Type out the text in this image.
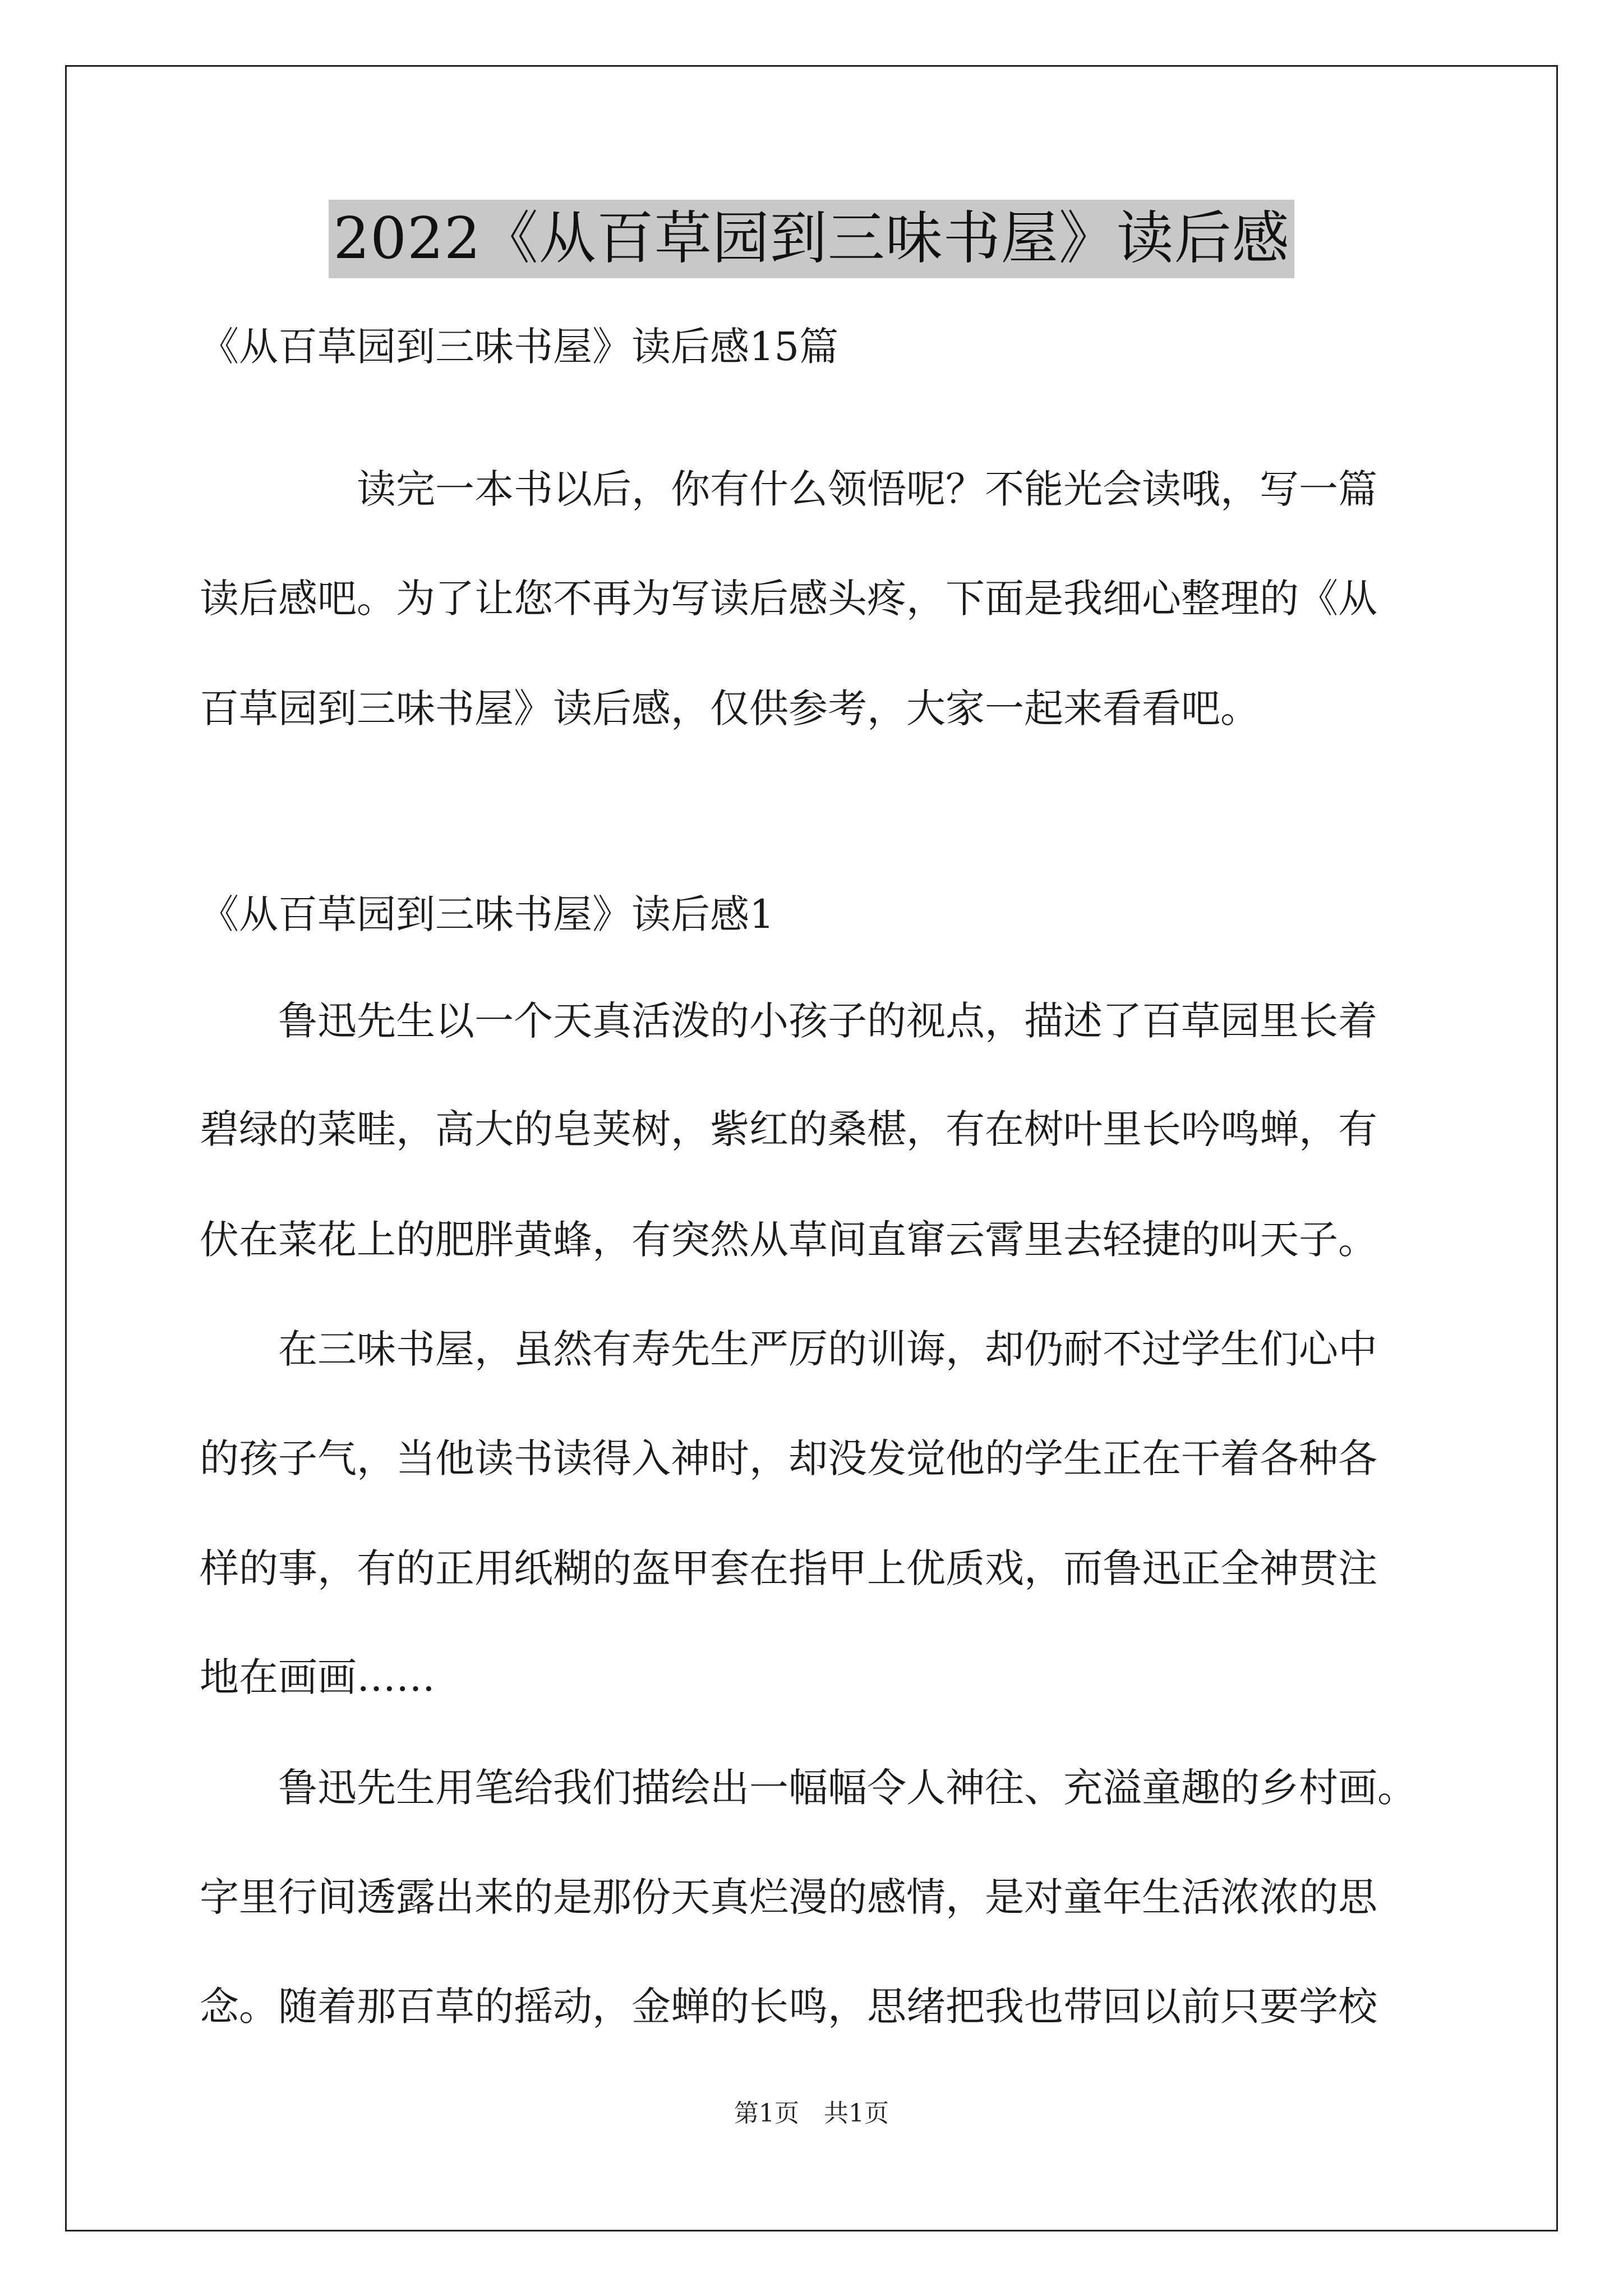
2022《从百草园到三味书屋》读后感
《从百草园到三味书屋》读后感15篇
读完一本书以后，你有什么领悟呢？不能光会读哦，写一篇
读后感吧。为了让您不再为写读后感头疼，下面是我细心整理的《从
百草园到三味书屋》读后感，仅供参考，大家一起来看看吧。
《从百草园到三味书屋》读后感1
鲁迅先生以一个天真活泼的小孩子的视点，描述了百草园里长着
碧绿的菜畦，高大的皂荚树，紫红的桑椹，有在树叶里长吟鸣蝉，有
伏在菜花上的肥胖黄蜂，有突然从草间直窜云霄里去轻捷的叫天子。
在三味书屋，虽然有寿先生严厉的训诲，却仍耐不过学生们心中
的孩子气，当他读书读得入神时，却没发觉他的学生正在干着各种各
样的事，有的正用纸糊的盔甲套在指甲上优质戏，而鲁迅正全神贯注
地在画画……
鲁迅先生用笔给我们描绘出一幅幅令人神往、充溢童趣的乡村画。
字里行间透露出来的是那份天真烂漫的感情，是对童年生活浓浓的思
念。随着那百草的摇动，金蝉的长鸣，思绪把我也带回以前只要学校
第1页　共1页
